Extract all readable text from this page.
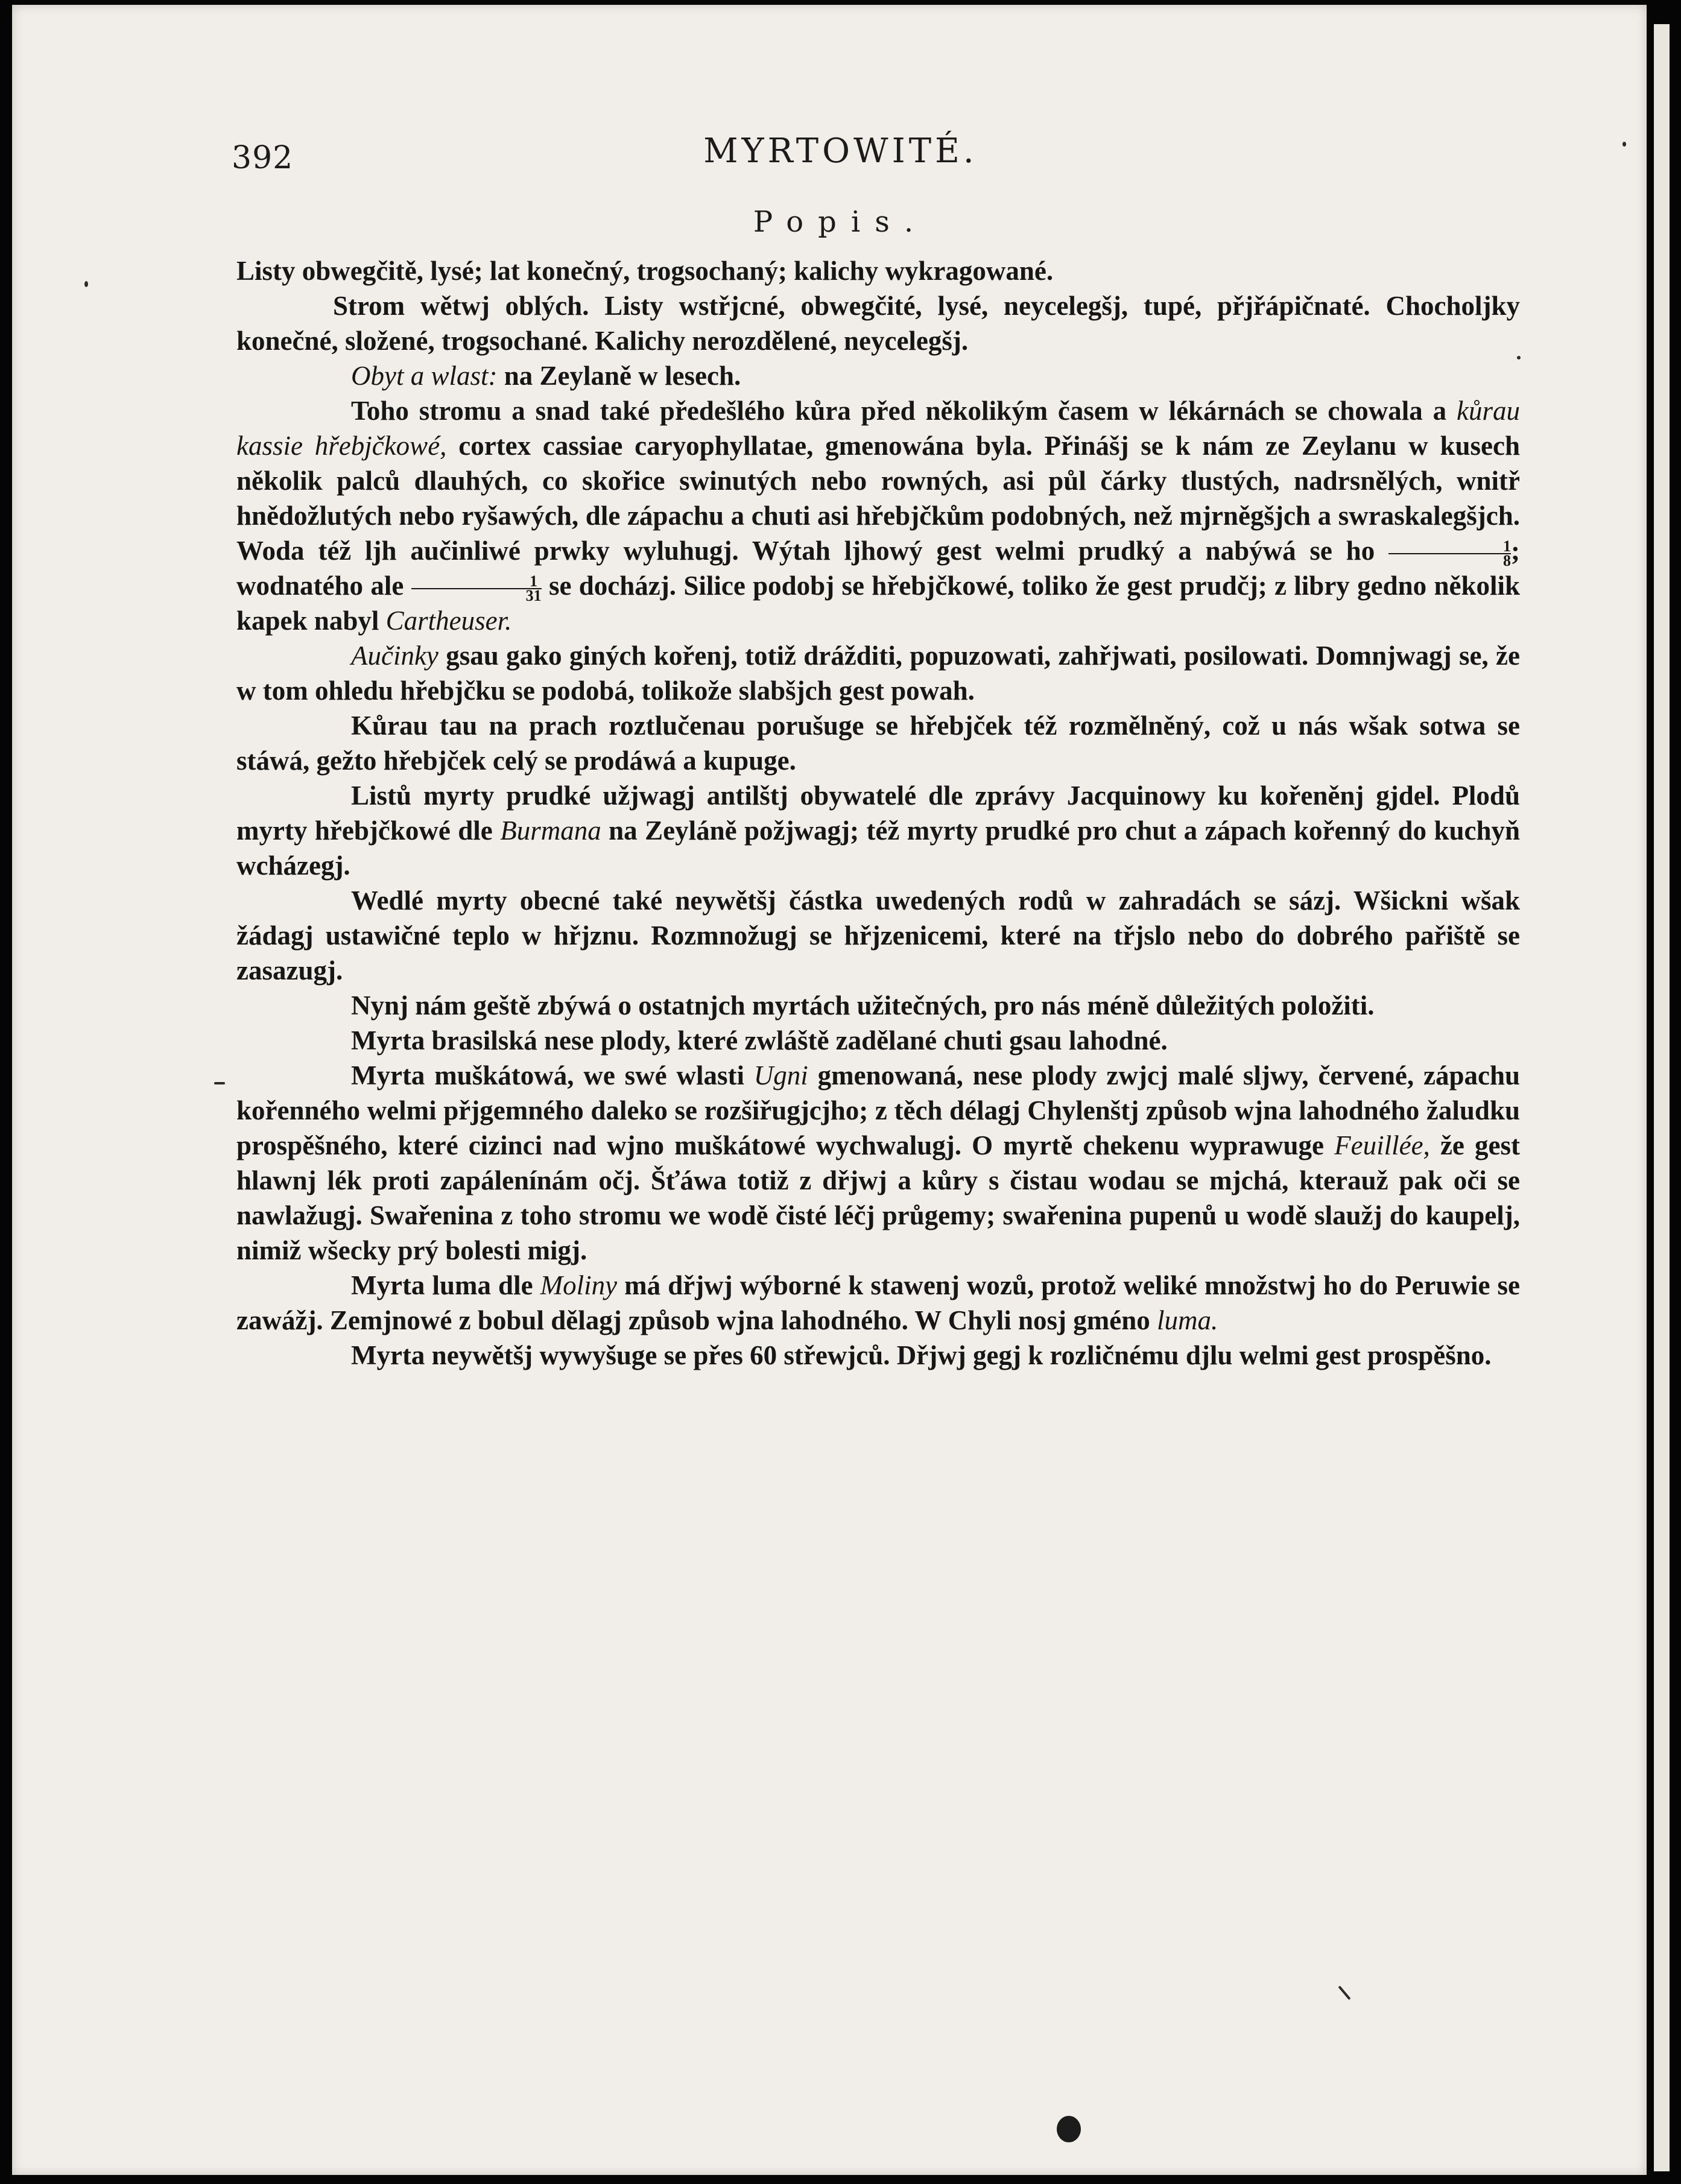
392	MYRTOWITÉ.
Popis.

Listy obwegčitě, lysé; lat konečný, trogsochaný; kalichy wykragowané.

Strom wětwj oblých. Listy wstřjcné, obwegčité, lysé, neycelegšj, tupé, přjřápičnaté. Chocholjky konečné, složené, trogsochané. Kalichy nerozdělené, neycelegšj.

Obyt a wlast: na Zeylaně w lesech.

Toho stromu a snad také předešlého kůra před několikým časem w lékárnách se chowala a kůrau kassie hřebjčkowé, cortex cassiae caryophyllatae, gmenowána byla. Přinášj se k nám ze Zeylanu w kusech několik palců dlauhých, co skořice swinutých nebo rowných, asi půl čárky tlustých, nadrsnělých, wnitř hnědožlutých nebo ryšawých, dle zápachu a chuti asi hřebjčkům podobných, než mjrněgšjch a swraskalegšjch. Woda též ljh aučinliwé prwky wyluhugj. Wýtah ljhowý gest welmi prudký a nabýwá se ho $\frac{1}{8}$ ; wodnatého ale $\frac{1}{31}$ se docházj. Silice podobj se hřebjčkowé, toliko že gest prudčj; z libry gedno několik kapek nabyl Cartheuser.

Aučinky gsau gako giných kořenj, totiž drážditi, popuzowati, zahřjwati, posilowati. Domnjwagj se, že w tom ohledu hřebjčku se podobá, tolikože slabšjch gest powah.

Kůrau tau na prach roztlučenau porušuge se hřebjček též rozmělněný, což u nás wšak sotwa se stáwá, gežto hřebjček celý se prodáwá a kupuge.

Listů myrty prudké užjwagj antilštj obywatelé dle zprávy Jacquinowy ku kořeněnj gjdel. Plodů myrty hřebjčkowé dle Burmana na Zeyláně požjwagj; též myrty prudké pro chut a zápach kořenný do kuchyň wcházegj.

Wedlé myrty obecné také neywětšj částka uwedených rodů w zahradách se sázj. Wšickni wšak žádagj ustawičné teplo w hřjznu. Rozmnožugj se hřjzenicemi, které na třjslo nebo do dobrého pařiště se zasazugj.

Nynj nám geště zbýwá o ostatnjch myrtách užitečných, pro nás méně důležitých položiti.

Myrta brasilská nese plody, které zwláště zadělané chuti gsau lahodné.

Myrta muškátowá, we swé wlasti Ugni gmenowaná, nese plody zwjcj malé sljwy, červené, zápachu kořenného welmi přjgemného daleko se rozšiřugjcjho; z těch délagj Chylenštj způsob wjna lahodného žaludku prospěšného, které cizinci nad wjno muškátowé wychwalugj. O myrtě chekenu wyprawuge Feuillée, že gest hlawnj lék proti zapálenínám očj. Šťáwa totiž z dřjwj a kůry s čistau wodau se mjchá, kterauž pak oči se nawlažugj. Swařenina z toho stromu we wodě čisté léčj průgemy; swařenina pupenů u wodě slaužj do kaupelj, nimiž wšecky prý bolesti migj.

Myrta luma dle Moliny má dřjwj wýborné k stawenj wozů, protož weliké množstwj ho do Peruwie se zawážj. Zemjnowé z bobul dělagj způsob wjna lahodného. W Chyli nosj gméno luma.

Myrta neywětšj wywyšuge se přes 60 střewjců. Dřjwj gegj k rozličnému djlu welmi gest prospěšno.
